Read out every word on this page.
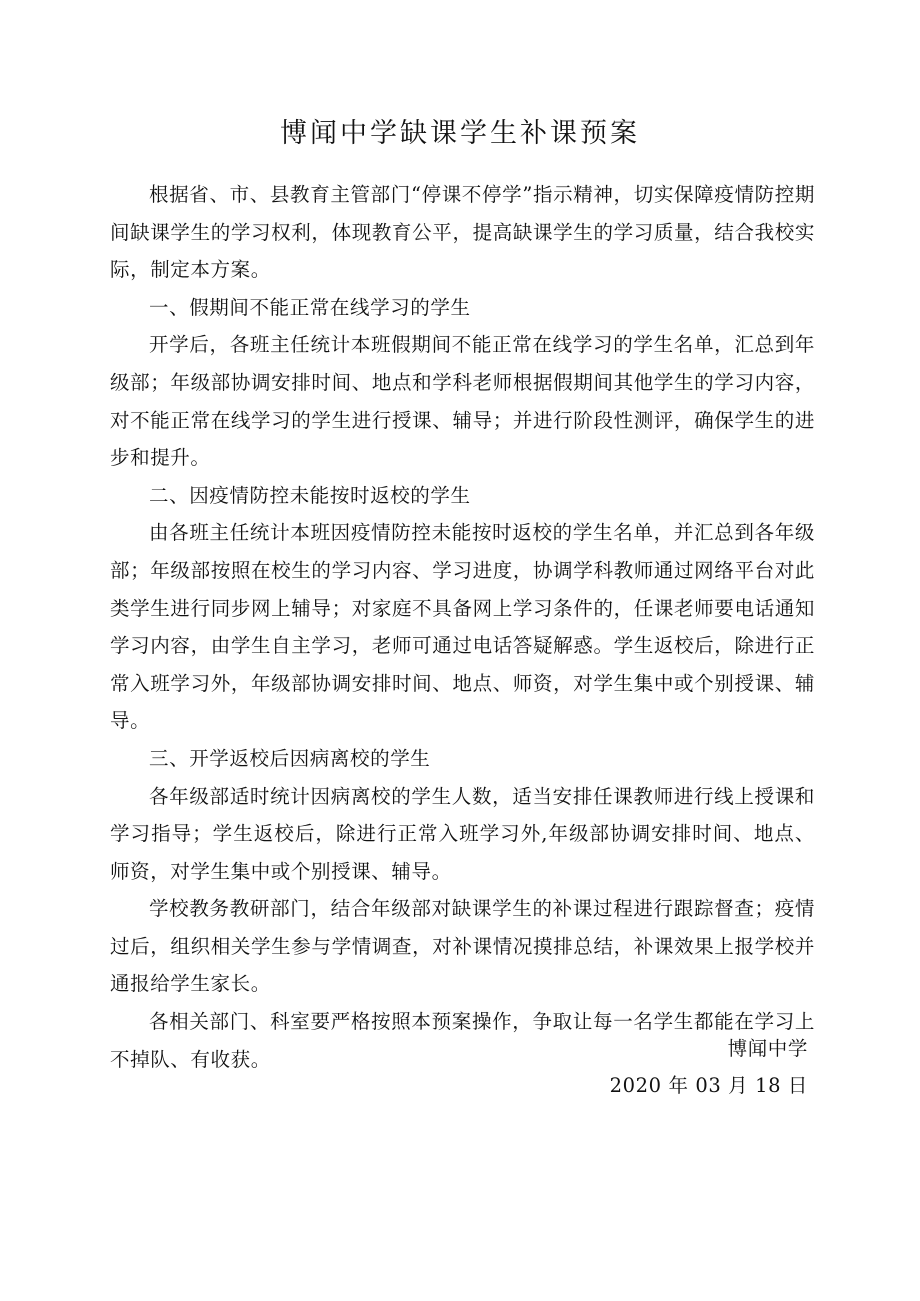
博闻中学缺课学生补课预案

根据省、市、县教育主管部门“停课不停学”指示精神，切实保障疫情防控期间缺课学生的学习权利，体现教育公平，提高缺课学生的学习质量，结合我校实际，制定本方案。

一、假期间不能正常在线学习的学生

开学后，各班主任统计本班假期间不能正常在线学习的学生名单，汇总到年级部；年级部协调安排时间、地点和学科老师根据假期间其他学生的学习内容，对不能正常在线学习的学生进行授课、辅导；并进行阶段性测评，确保学生的进步和提升。

二、因疫情防控未能按时返校的学生

由各班主任统计本班因疫情防控未能按时返校的学生名单，并汇总到各年级部；年级部按照在校生的学习内容、学习进度，协调学科教师通过网络平台对此类学生进行同步网上辅导；对家庭不具备网上学习条件的，任课老师要电话通知学习内容，由学生自主学习，老师可通过电话答疑解惑。学生返校后，除进行正常入班学习外，年级部协调安排时间、地点、师资，对学生集中或个别授课、辅导。

三、开学返校后因病离校的学生

各年级部适时统计因病离校的学生人数，适当安排任课教师进行线上授课和学习指导；学生返校后，除进行正常入班学习外,年级部协调安排时间、地点、师资，对学生集中或个别授课、辅导。

学校教务教研部门，结合年级部对缺课学生的补课过程进行跟踪督查；疫情过后，组织相关学生参与学情调查，对补课情况摸排总结，补课效果上报学校并通报给学生家长。

各相关部门、科室要严格按照本预案操作，争取让每一名学生都能在学习上不掉队、有收获。	博闻中学
2020 年 03 月 18 日
